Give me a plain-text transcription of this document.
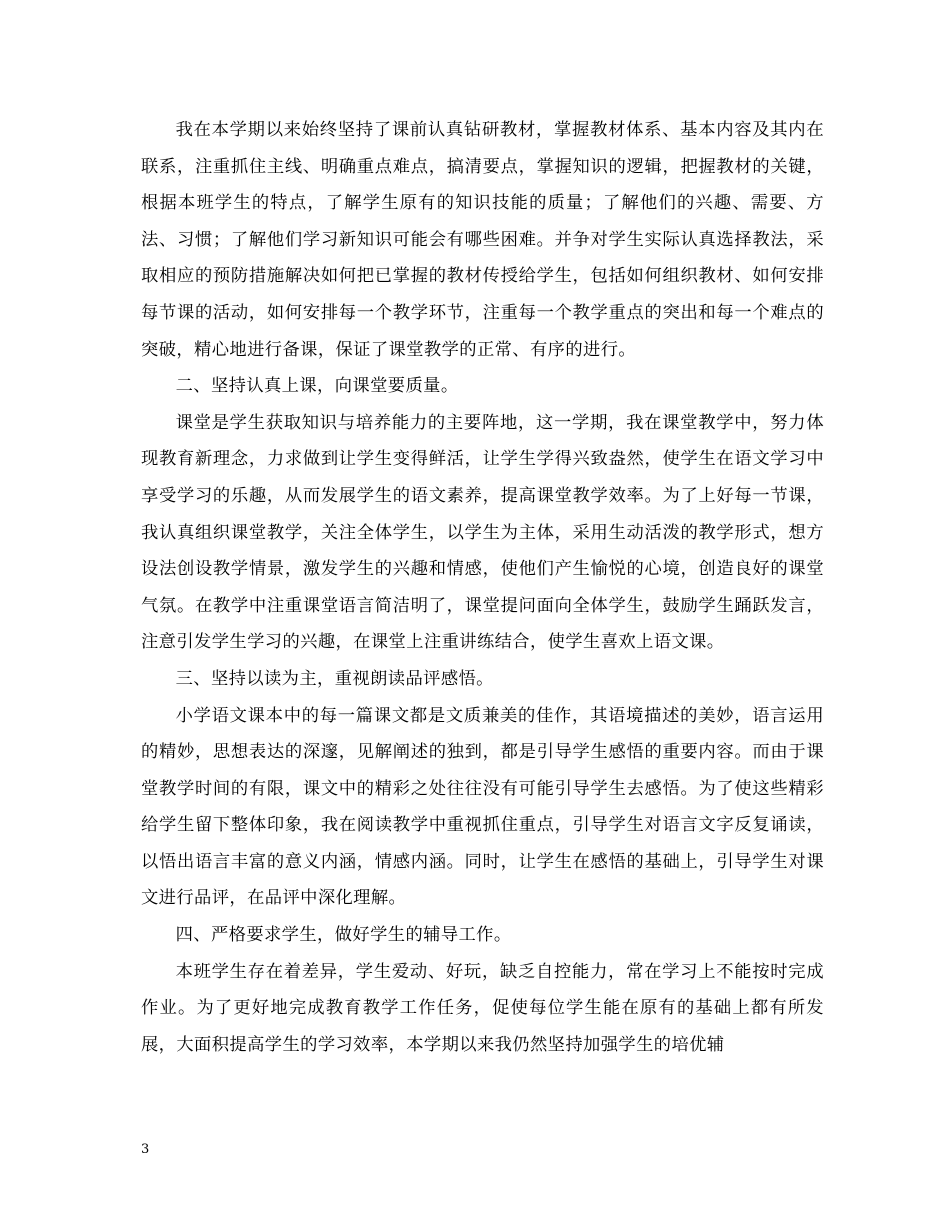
我在本学期以来始终坚持了课前认真钻研教材，掌握教材体系、基本内容及其内在联系，注重抓住主线、明确重点难点，搞清要点，掌握知识的逻辑，把握教材的关键，根据本班学生的特点，了解学生原有的知识技能的质量；了解他们的兴趣、需要、方法、习惯；了解他们学习新知识可能会有哪些困难。并争对学生实际认真选择教法，采取相应的预防措施解决如何把已掌握的教材传授给学生，包括如何组织教材、如何安排每节课的活动，如何安排每一个教学环节，注重每一个教学重点的突出和每一个难点的突破，精心地进行备课，保证了课堂教学的正常、有序的进行。

二、坚持认真上课，向课堂要质量。

课堂是学生获取知识与培养能力的主要阵地，这一学期，我在课堂教学中，努力体现教育新理念，力求做到让学生变得鲜活，让学生学得兴致盎然，使学生在语文学习中享受学习的乐趣，从而发展学生的语文素养，提高课堂教学效率。为了上好每一节课，我认真组织课堂教学，关注全体学生，以学生为主体，采用生动活泼的教学形式，想方设法创设教学情景，激发学生的兴趣和情感，使他们产生愉悦的心境，创造良好的课堂气氛。在教学中注重课堂语言简洁明了，课堂提问面向全体学生，鼓励学生踊跃发言，注意引发学生学习的兴趣，在课堂上注重讲练结合，使学生喜欢上语文课。

三、坚持以读为主，重视朗读品评感悟。

小学语文课本中的每一篇课文都是文质兼美的佳作，其语境描述的美妙，语言运用的精妙，思想表达的深邃，见解阐述的独到，都是引导学生感悟的重要内容。而由于课堂教学时间的有限，课文中的精彩之处往往没有可能引导学生去感悟。为了使这些精彩给学生留下整体印象，我在阅读教学中重视抓住重点，引导学生对语言文字反复诵读，以悟出语言丰富的意义内涵，情感内涵。同时，让学生在感悟的基础上，引导学生对课文进行品评，在品评中深化理解。

四、严格要求学生，做好学生的辅导工作。

本班学生存在着差异，学生爱动、好玩，缺乏自控能力，常在学习上不能按时完成作业。为了更好地完成教育教学工作任务，促使每位学生能在原有的基础上都有所发展，大面积提高学生的学习效率，本学期以来我仍然坚持加强学生的培优辅

3
